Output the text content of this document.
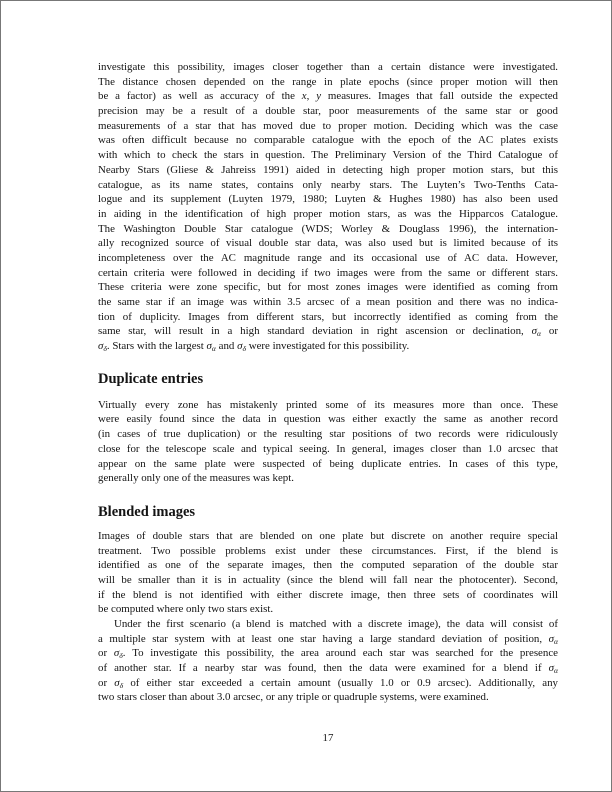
investigate this possibility, images closer together than a certain distance were investigated.
The distance chosen depended on the range in plate epochs (since proper motion will then
be a factor) as well as accuracy of the x, y measures. Images that fall outside the expected
precision may be a result of a double star, poor measurements of the same star or good
measurements of a star that has moved due to proper motion. Deciding which was the case
was often difficult because no comparable catalogue with the epoch of the AC plates exists
with which to check the stars in question. The Preliminary Version of the Third Catalogue of
Nearby Stars (Gliese & Jahreiss 1991) aided in detecting high proper motion stars, but this
catalogue, as its name states, contains only nearby stars. The Luyten’s Two-Tenths Cata-
logue and its supplement (Luyten 1979, 1980; Luyten & Hughes 1980) has also been used
in aiding in the identification of high proper motion stars, as was the Hipparcos Catalogue.
The Washington Double Star catalogue (WDS; Worley & Douglass 1996), the internation-
ally recognized source of visual double star data, was also used but is limited because of its
incompleteness over the AC magnitude range and its occasional use of AC data. However,
certain criteria were followed in deciding if two images were from the same or different stars.
These criteria were zone specific, but for most zones images were identified as coming from
the same star if an image was within 3.5 arcsec of a mean position and there was no indica-
tion of duplicity. Images from different stars, but incorrectly identified as coming from the
same star, will result in a high standard deviation in right ascension or declination, σα or
σδ. Stars with the largest σα and σδ were investigated for this possibility.

Duplicate entries

Virtually every zone has mistakenly printed some of its measures more than once. These
were easily found since the data in question was either exactly the same as another record
(in cases of true duplication) or the resulting star positions of two records were ridiculously
close for the telescope scale and typical seeing. In general, images closer than 1.0 arcsec that
appear on the same plate were suspected of being duplicate entries. In cases of this type,
generally only one of the measures was kept.

Blended images

Images of double stars that are blended on one plate but discrete on another require special
treatment. Two possible problems exist under these circumstances. First, if the blend is
identified as one of the separate images, then the computed separation of the double star
will be smaller than it is in actuality (since the blend will fall near the photocenter). Second,
if the blend is not identified with either discrete image, then three sets of coordinates will
be computed where only two stars exist.

Under the first scenario (a blend is matched with a discrete image), the data will consist of
a multiple star system with at least one star having a large standard deviation of position, σα
or σδ. To investigate this possibility, the area around each star was searched for the presence
of another star. If a nearby star was found, then the data were examined for a blend if σα
or σδ of either star exceeded a certain amount (usually 1.0 or 0.9 arcsec). Additionally, any
two stars closer than about 3.0 arcsec, or any triple or quadruple systems, were examined.

17
